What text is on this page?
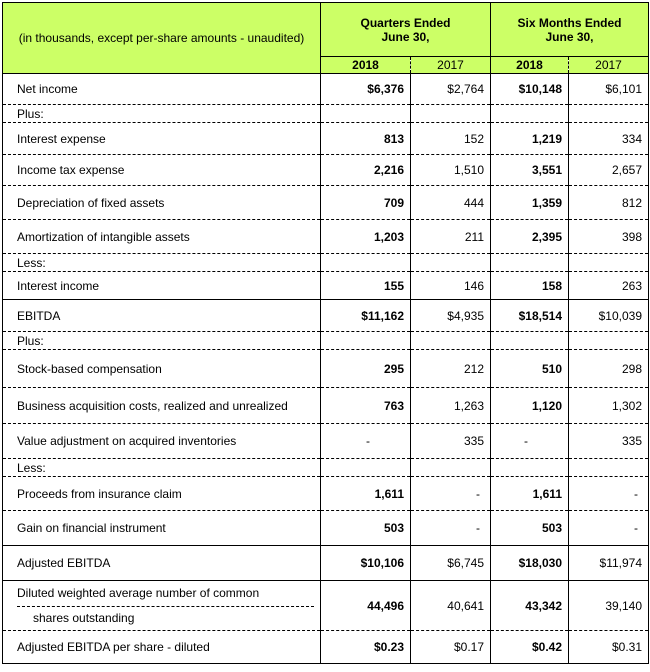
(in thousands, except per-share amounts - unaudited)	Quarters Ended
June 30,		Six Months Ended
June 30,	
	2018	2017	2018	2017
Net income	$6,376	$2,764	$10,148	$6,101
Plus:				
Interest expense	813	152	1,219	334
Income tax expense	2,216	1,510	3,551	2,657
Depreciation of fixed assets	709	444	1,359	812
Amortization of intangible assets	1,203	211	2,395	398
Less:				
Interest income	155	146	158	263
EBITDA	$11,162	$4,935	$18,514	$10,039
Plus:				
Stock-based compensation	295	212	510	298
Business acquisition costs, realized and unrealized	763	1,263	1,120	1,302
Value adjustment on acquired inventories	-	335	-	335
Less:				
Proceeds from insurance claim	1,611	-	1,611	-
Gain on financial instrument	503	-	503	-
Adjusted EBITDA	$10,106	$6,745	$18,030	$11,974

Diluted weighted average number of common
shares outstanding	44,496	40,641	43,342	39,140
Adjusted EBITDA per share - diluted	$0.23	$0.17	$0.42	$0.31
